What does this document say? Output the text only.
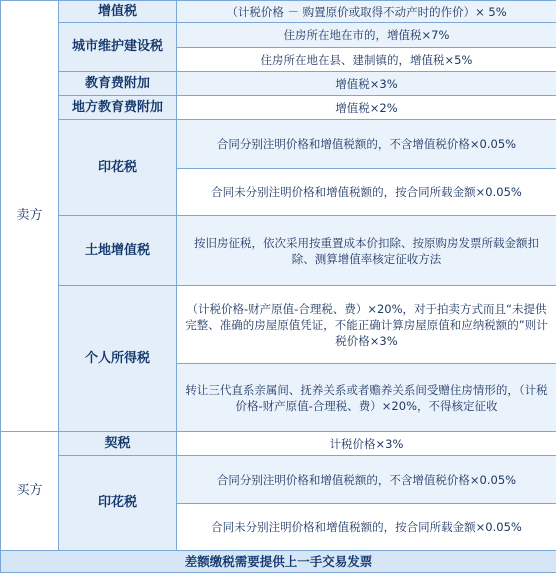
卖方	增值税	（计税价格 － 购置原价或取得不动产时的作价）× 5%
	城市维护建设税	住房所在地在市的，增值税×7%
		住房所在地在县、建制镇的，增值税×5%
	教育费附加	增值税×3%
	地方教育费附加	增值税×2%
	印花税	合同分别注明价格和增值税额的，不含增值税价格×0.05%
		合同未分别注明价格和增值税额的，按合同所载金额×0.05%
	土地增值税	按旧房征税，依次采用按重置成本价扣除、按原购房发票所载金额扣除、测算增值率核定征收方法
	个人所得税	（计税价格-财产原值-合理税、费）×20%，对于拍卖方式而且“未提供完整、准确的房屋原值凭证，不能正确计算房屋原值和应纳税额的”则计税价格×3%
		转让三代直系亲属间、抚养关系或者赡养关系间受赠住房情形的，（计税价格-财产原值-合理税、费）×20%，不得核定征收

买方	契税	计税价格×3%
	印花税	合同分别注明价格和增值税额的，不含增值税价格×0.05%
		合同未分别注明价格和增值税额的，按合同所载金额×0.05%
差额缴税需要提供上一手交易发票		
